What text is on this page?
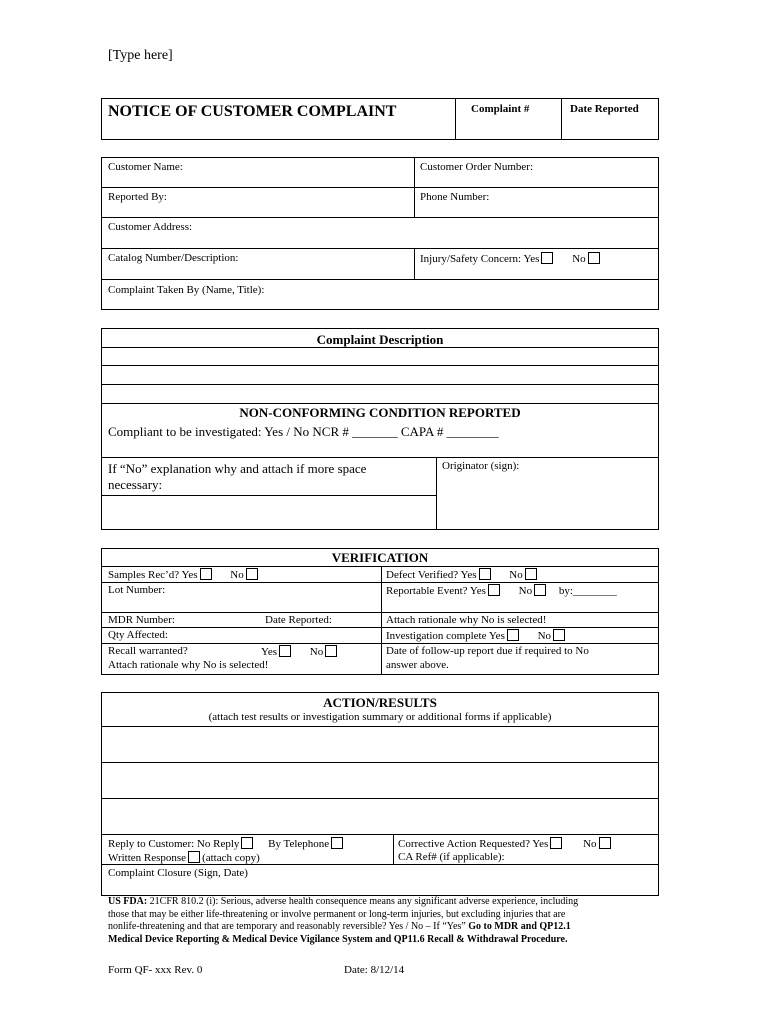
[Type here]
NOTICE OF CUSTOMER COMPLAINT	Complaint #	Date Reported
Customer Name:	Customer Order Number:
Reported By:	Phone Number:
Customer Address:
Catalog Number/Description:	Injury/Safety Concern: Yes	No
Complaint Taken By (Name, Title):
Complaint Description
NON-CONFORMING CONDITION REPORTED
Compliant to be investigated: Yes / No NCR # _______ CAPA # ________
If “No” explanation why and attach if more space
necessary:
Originator (sign):
VERIFICATION
Samples Rec’d? Yes	No	Defect Verified? Yes	No
Lot Number:	Reportable Event? Yes	No by:________
MDR Number:	Date Reported:	Attach rationale why No is selected!
Qty Affected:	Investigation complete Yes	No
Recall warranted?	Yes	No
Attach rationale why No is selected!
Date of follow-up report due if required to No
answer above.
ACTION/RESULTS
(attach test results or investigation summary or additional forms if applicable)
Reply to Customer: No Reply	By Telephone
Written Response (attach copy)
Corrective Action Requested? Yes	No
CA Ref# (if applicable):
Complaint Closure (Sign, Date)
US FDA: 21CFR 810.2 (i): Serious, adverse health consequence means any significant adverse experience, including
those that may be either life-threatening or involve permanent or long-term injuries, but excluding injuries that are
nonlife-threatening and that are temporary and reasonably reversible? Yes / No – If “Yes” Go to MDR and QP12.1
Medical Device Reporting & Medical Device Vigilance System and QP11.6 Recall & Withdrawal Procedure.
Form QF- xxx Rev. 0	Date: 8/12/14
